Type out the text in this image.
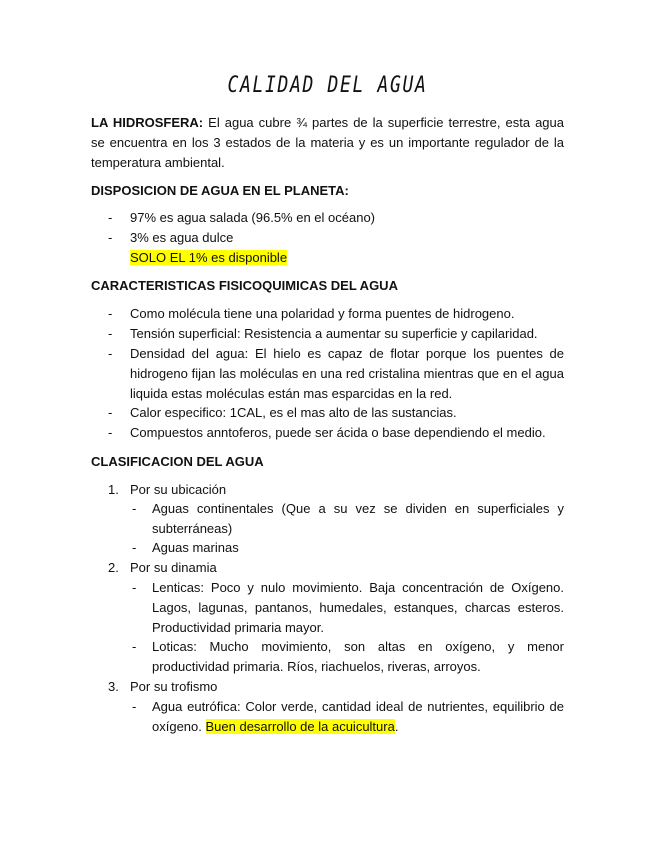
CALIDAD DEL AGUA
LA HIDROSFERA: El agua cubre ¾ partes de la superficie terrestre, esta agua se encuentra en los 3 estados de la materia y es un importante regulador de la temperatura ambiental.
DISPOSICION DE AGUA EN EL PLANETA:
- 97% es agua salada (96.5% en el océano)
- 3% es agua dulce
SOLO EL 1% es disponible
CARACTERISTICAS FISICOQUIMICAS DEL AGUA
- Como molécula tiene una polaridad y forma puentes de hidrogeno.
- Tensión superficial: Resistencia a aumentar su superficie y capilaridad.
- Densidad del agua: El hielo es capaz de flotar porque los puentes de hidrogeno fijan las moléculas en una red cristalina mientras que en el agua liquida estas moléculas están mas esparcidas en la red.
- Calor especifico: 1CAL, es el mas alto de las sustancias.
- Compuestos anntoferos, puede ser ácida o base dependiendo el medio.
CLASIFICACION DEL AGUA
1. Por su ubicación
- Aguas continentales (Que a su vez se dividen en superficiales y subterráneas)
- Aguas marinas
2. Por su dinamia
- Lenticas: Poco y nulo movimiento. Baja concentración de Oxígeno. Lagos, lagunas, pantanos, humedales, estanques, charcas esteros. Productividad primaria mayor.
- Loticas: Mucho movimiento, son altas en oxígeno, y menor productividad primaria. Ríos, riachuelos, riveras, arroyos.
3. Por su trofismo
- Agua eutrófica: Color verde, cantidad ideal de nutrientes, equilibrio de oxígeno. Buen desarrollo de la acuicultura.
